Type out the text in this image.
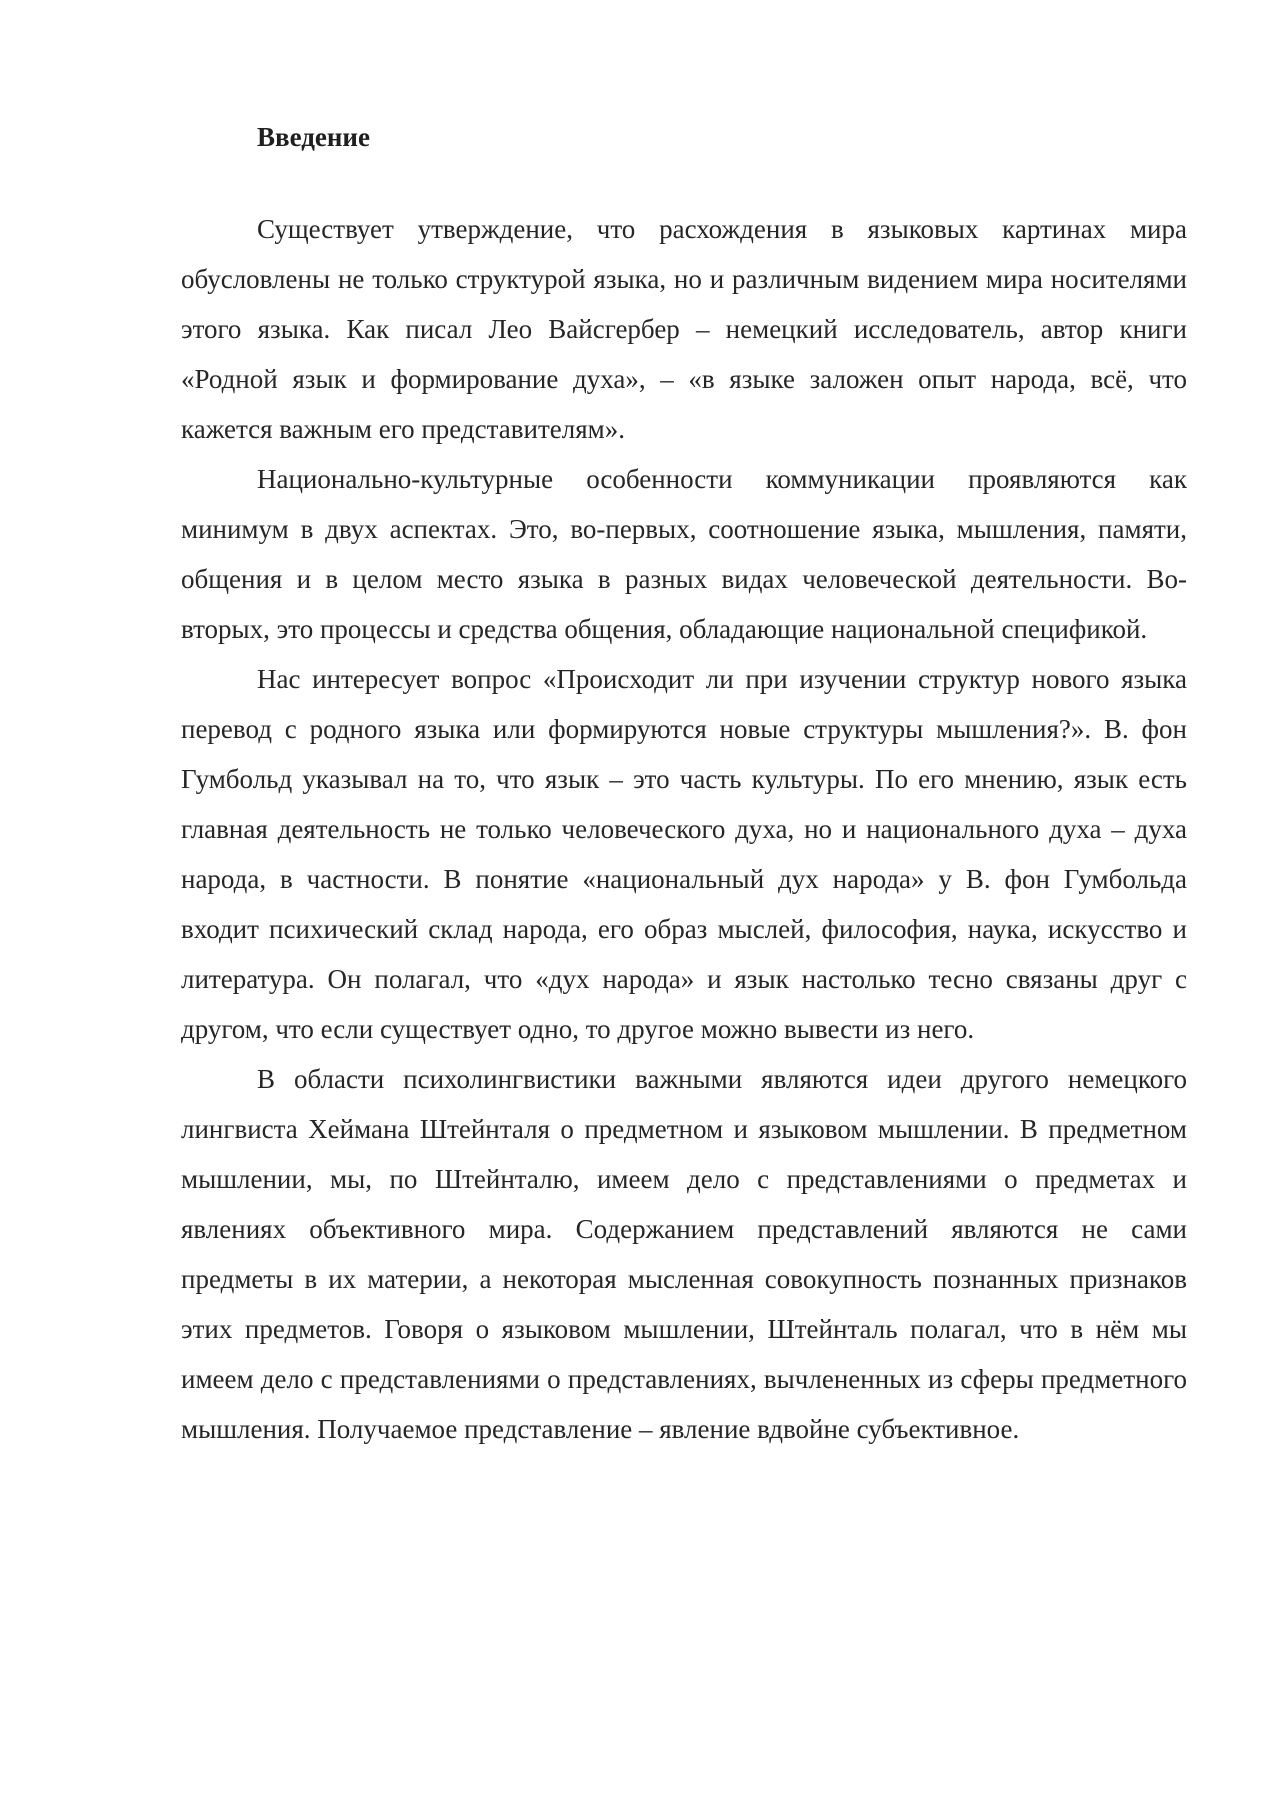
Введение

Существует утверждение, что расхождения в языковых картинах мира обусловлены не только структурой языка, но и различным видением мира носителями этого языка. Как писал Лео Вайсгербер – немецкий исследователь, автор книги «Родной язык и формирование духа», – «в языке заложен опыт народа, всё, что кажется важным его представителям».

Национально-культурные особенности коммуникации проявляются как минимум в двух аспектах. Это, во-первых, соотношение языка, мышления, памяти, общения и в целом место языка в разных видах человеческой деятельности. Во-вторых, это процессы и средства общения, обладающие национальной спецификой.

Нас интересует вопрос «Происходит ли при изучении структур нового языка перевод с родного языка или формируются новые структуры мышления?». В. фон Гумбольд указывал на то, что язык – это часть культуры. По его мнению, язык есть главная деятельность не только человеческого духа, но и национального духа – духа народа, в частности. В понятие «национальный дух народа» у В. фон Гумбольда входит психический склад народа, его образ мыслей, философия, наука, искусство и литература. Он полагал, что «дух народа» и язык настолько тесно связаны друг с другом, что если существует одно, то другое можно вывести из него.

В области психолингвистики важными являются идеи другого немецкого лингвиста Хеймана Штейнталя о предметном и языковом мышлении. В предметном мышлении, мы, по Штейнталю, имеем дело с представлениями о предметах и явлениях объективного мира. Содержанием представлений являются не сами предметы в их материи, а некоторая мысленная совокупность познанных признаков этих предметов. Говоря о языковом мышлении, Штейнталь полагал, что в нём мы имеем дело с представлениями о представлениях, вычлененных из сферы предметного мышления. Получаемое представление – явление вдвойне субъективное.
